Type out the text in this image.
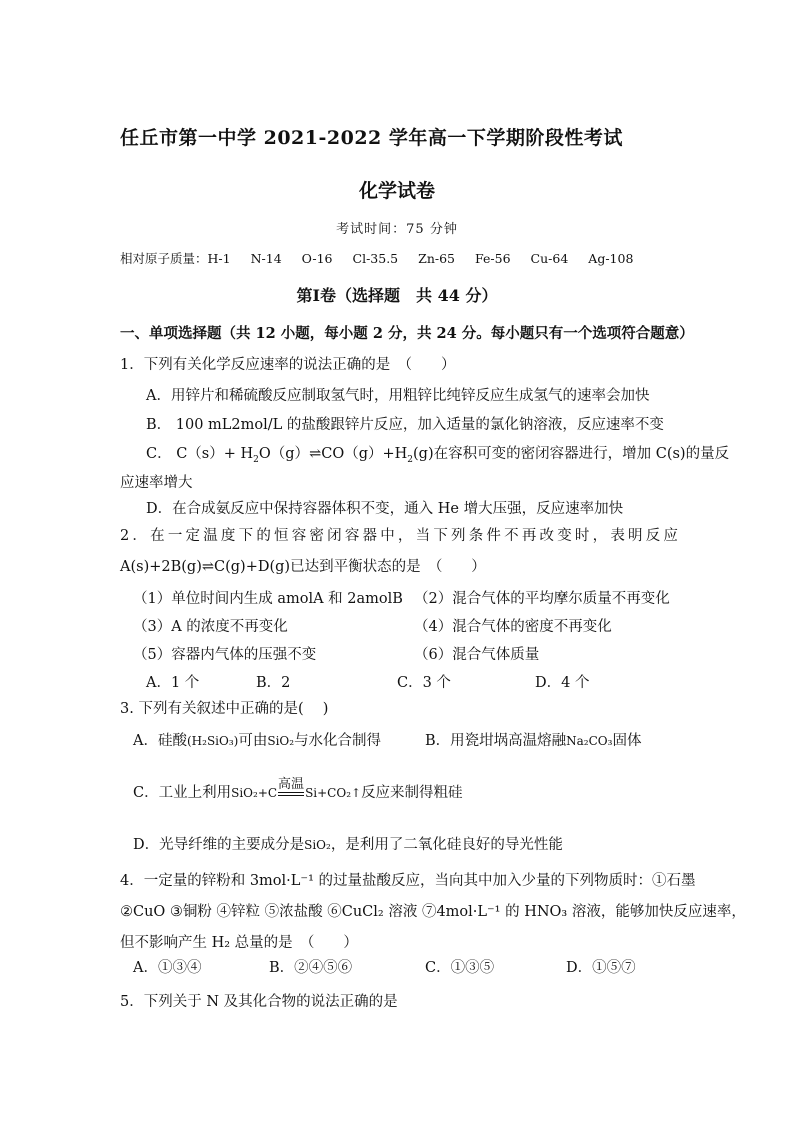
任丘市第一中学 2021-2022 学年高一下学期阶段性考试
化学试卷
考试时间：75 分钟
相对原子质量：H-1 N-14 O-16 Cl-35.5 Zn-65 Fe-56 Cu-64 Ag-108
第Ⅰ卷（选择题　共 44 分）
一、单项选择题（共 12 小题，每小题 2 分，共 24 分。每小题只有一个选项符合题意）
1．下列有关化学反应速率的说法正确的是　（　　）
A．用锌片和稀硫酸反应制取氢气时，用粗锌比纯锌反应生成氢气的速率会加快
B． 100 mL2mol/L 的盐酸跟锌片反应，加入适量的氯化钠溶液，反应速率不变
C． $C(s)+ H_2O(g)\rightleftharpoons CO(g)+H_2(g)$在容积可变的密闭容器进行，增加 C(s)的量反
应速率增大
D．在合成氨反应中保持容器体积不变，通入 He 增大压强，反应速率加快
2．在一定温度下的恒容密闭容器中，当下列条件不再改变时，表明反应
A(s)+2B(g)⇌C(g)+D(g)已达到平衡状态的是　（　　）
（1）单位时间内生成 amolA 和 2amolB （2）混合气体的平均摩尔质量不再变化
（3）A 的浓度不再变化	（4）混合气体的密度不再变化
（5）容器内气体的压强不变	（6）混合气体质量
A．1 个	B．2	C．3 个	D．4 个
3. 下列有关叙述中正确的是(　 )
A．硅酸(H₂SiO₃)可由SiO₂与水化合制得	B．用瓷坩埚高温熔融Na₂CO₃固体
C．工业上利用SiO₂+C
高温
Si+CO₂↑反应来制得粗硅
D．光导纤维的主要成分是SiO₂，是利用了二氧化硅良好的导光性能
4．一定量的锌粉和 3mol·L⁻¹ 的过量盐酸反应，当向其中加入少量的下列物质时：①石墨
②CuO ③铜粉 ④锌粒 ⑤浓盐酸 ⑥CuCl₂ 溶液 ⑦4mol·L⁻¹ 的 HNO₃ 溶液，能够加快反应速率，
但不影响产生 H₂ 总量的是　（　　）
A．①③④	B．②④⑤⑥	C．①③⑤	D．①⑤⑦
5．下列关于 N 及其化合物的说法正确的是
